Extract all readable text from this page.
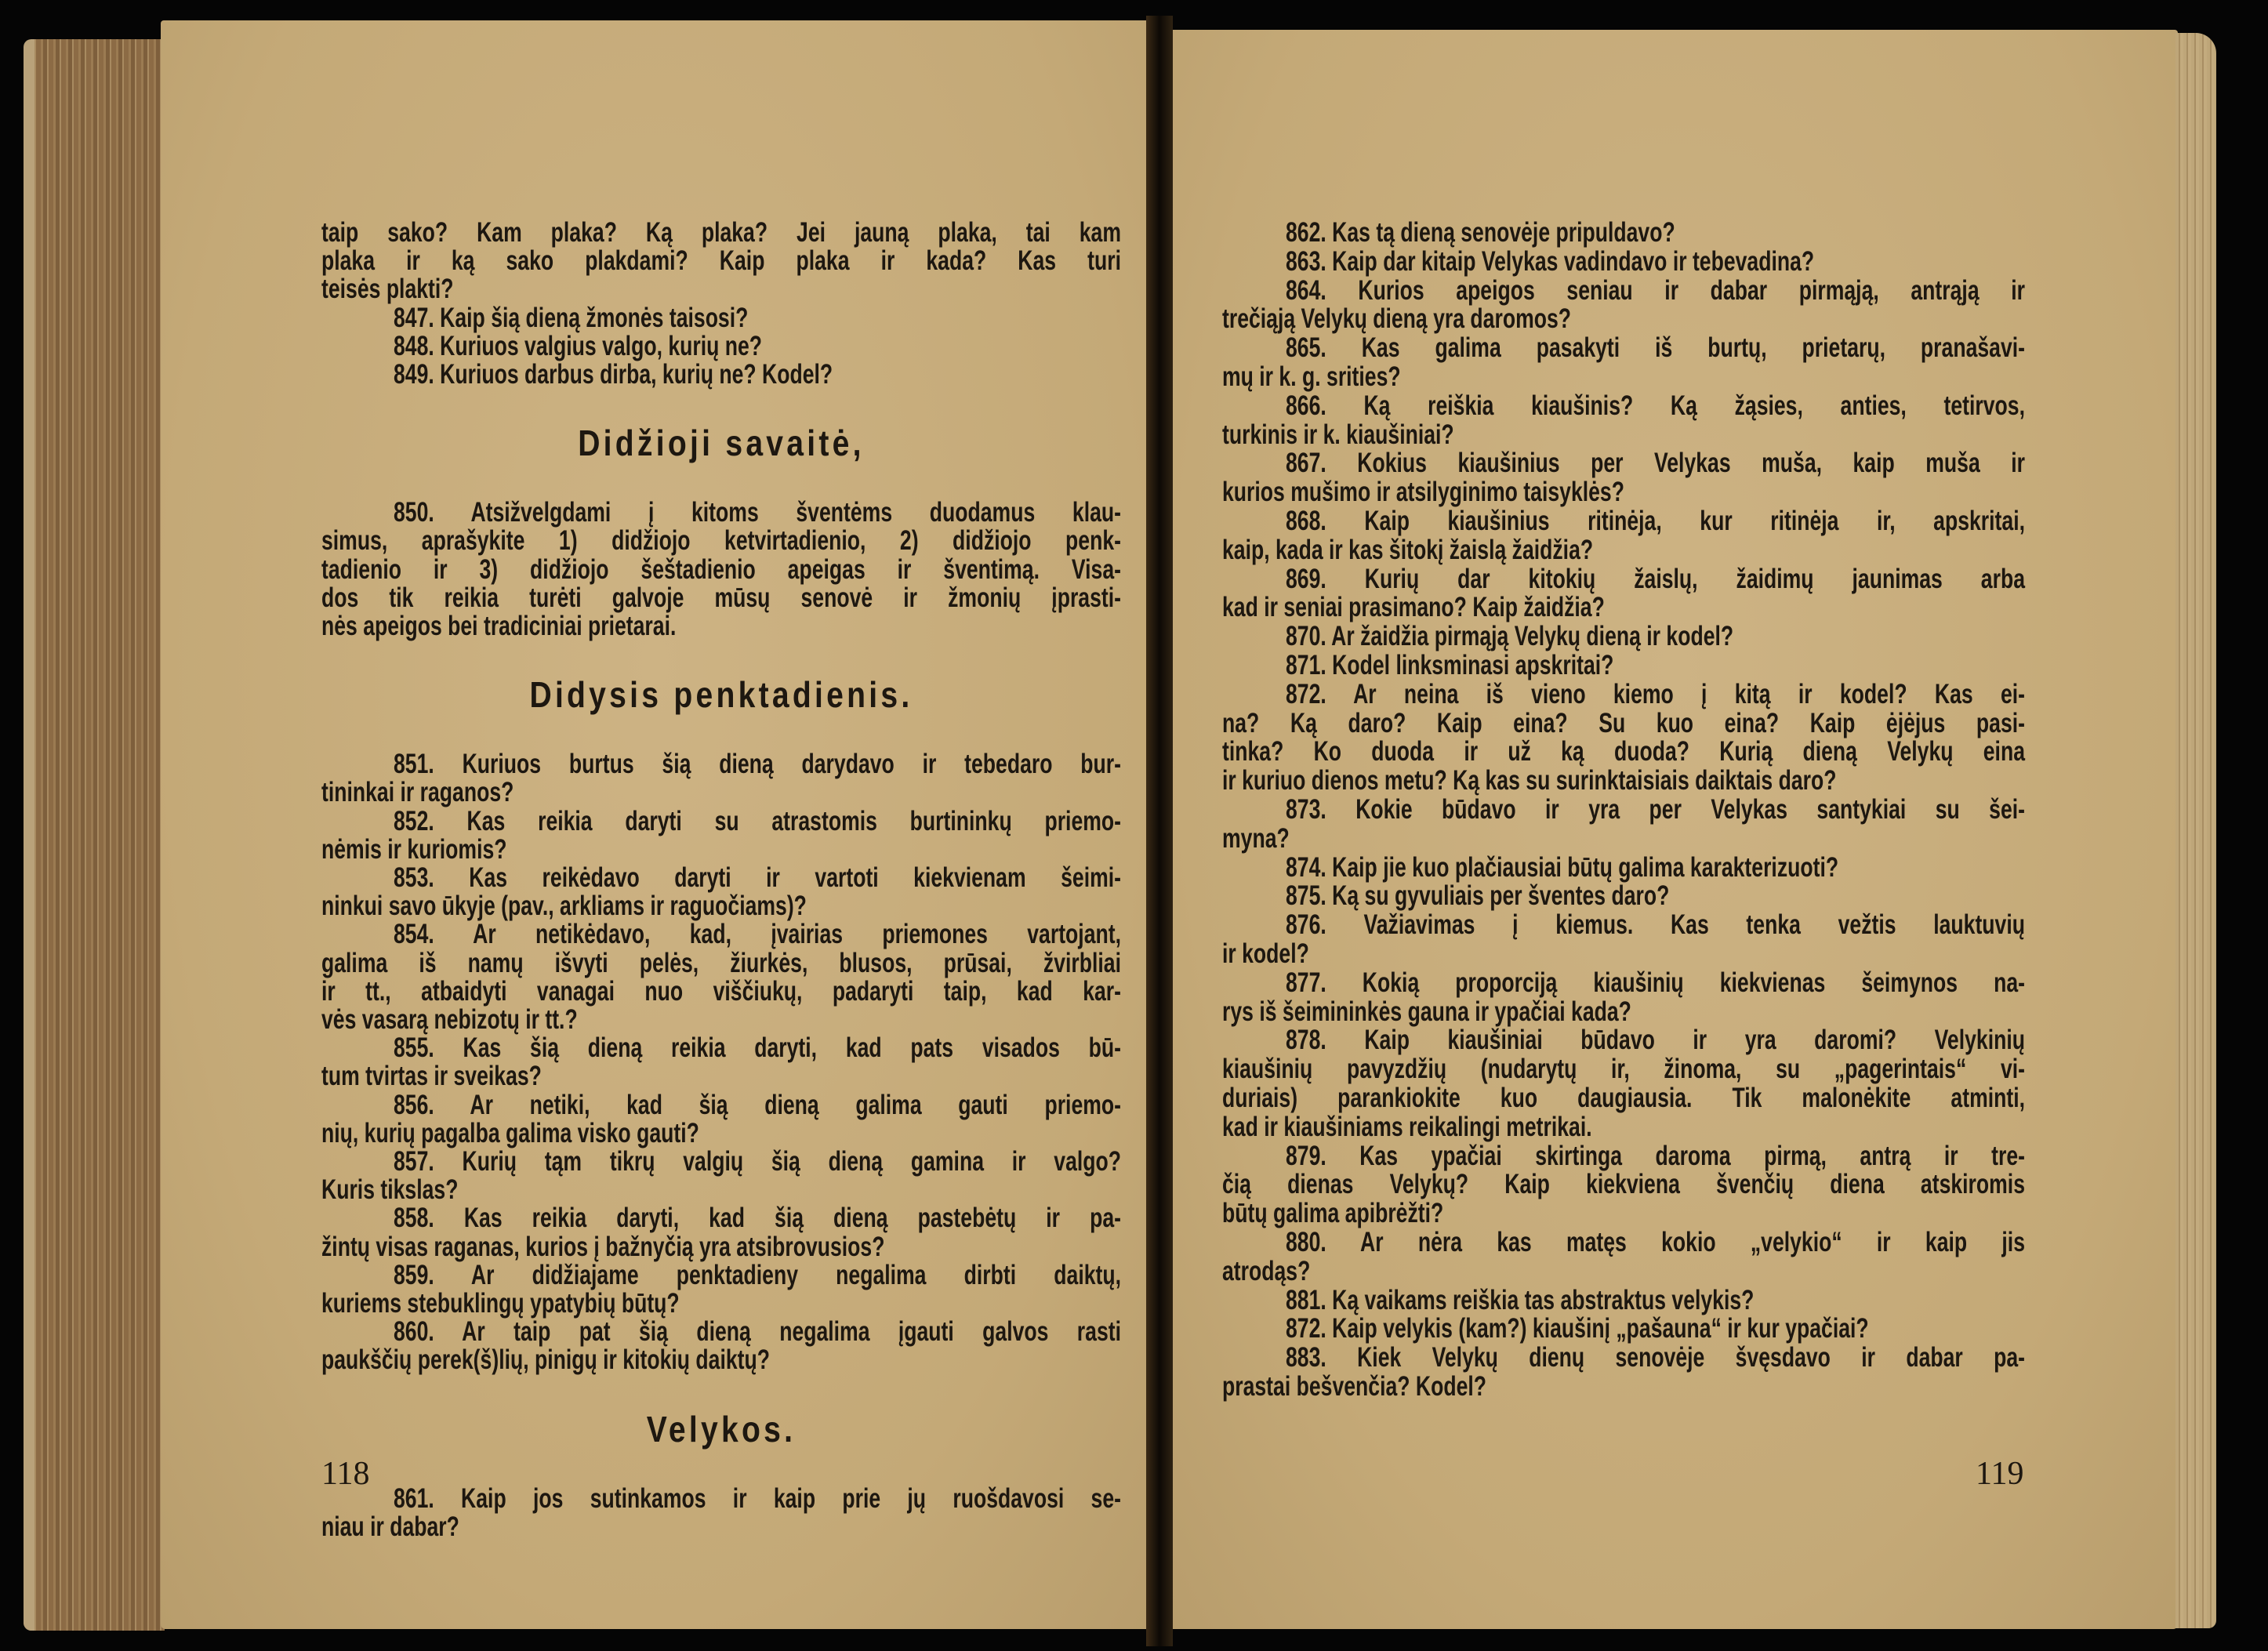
taip sako? Kam plaka? Ką plaka? Jei jauną plaka, tai kam
plaka ir ką sako plakdami? Kaip plaka ir kada? Kas turi
teisės plakti?
847. Kaip šią dieną žmonės taisosi?
848. Kuriuos valgius valgo, kurių ne?
849. Kuriuos darbus dirba, kurių ne? Kodel?
Didžioji savaitė,
850. Atsižvelgdami į kitoms šventėms duodamus klau-
simus, aprašykite 1) didžiojo ketvirtadienio, 2) didžiojo penk-
tadienio ir 3) didžiojo šeštadienio apeigas ir šventimą. Visa-
dos tik reikia turėti galvoje mūsų senovė ir žmonių įprasti-
nės apeigos bei tradiciniai prietarai.
Didysis penktadienis.
851. Kuriuos burtus šią dieną darydavo ir tebedaro bur-
tininkai ir raganos?
852. Kas reikia daryti su atrastomis burtininkų priemo-
nėmis ir kuriomis?
853. Kas reikėdavo daryti ir vartoti kiekvienam šeimi-
ninkui savo ūkyje (pav., arkliams ir raguočiams)?
854. Ar netikėdavo, kad, įvairias priemones vartojant,
galima iš namų išvyti pelės, žiurkės, blusos, prūsai, žvirbliai
ir tt., atbaidyti vanagai nuo viščiukų, padaryti taip, kad kar-
vės vasarą nebizotų ir tt.?
855. Kas šią dieną reikia daryti, kad pats visados bū-
tum tvirtas ir sveikas?
856. Ar netiki, kad šią dieną galima gauti priemo-
nių, kurių pagalba galima visko gauti?
857. Kurių tąm tikrų valgių šią dieną gamina ir valgo?
Kuris tikslas?
858. Kas reikia daryti, kad šią dieną pastebėtų ir pa-
žintų visas raganas, kurios į bažnyčią yra atsibrovusios?
859. Ar didžiajame penktadieny negalima dirbti daiktų,
kuriems stebuklingų ypatybių būtų?
860. Ar taip pat šią dieną negalima įgauti galvos rasti
paukščių perek(š)lių, pinigų ir kitokių daiktų?
Velykos.
861. Kaip jos sutinkamos ir kaip prie jų ruošdavosi se-
niau ir dabar?
862. Kas tą dieną senovėje pripuldavo?
863. Kaip dar kitaip Velykas vadindavo ir tebevadina?
864. Kurios apeigos seniau ir dabar pirmąją, antrąją ir
trečiąją Velykų dieną yra daromos?
865. Kas galima pasakyti iš burtų, prietarų, pranašavi-
mų ir k. g. srities?
866. Ką reiškia kiaušinis? Ką žąsies, anties, tetirvos,
turkinis ir k. kiaušiniai?
867. Kokius kiaušinius per Velykas muša, kaip muša ir
kurios mušimo ir atsilyginimo taisyklės?
868. Kaip kiaušinius ritinėja, kur ritinėja ir, apskritai,
kaip, kada ir kas šitokį žaislą žaidžia?
869. Kurių dar kitokių žaislų, žaidimų jaunimas arba
kad ir seniai prasimano? Kaip žaidžia?
870. Ar žaidžia pirmąją Velykų dieną ir kodel?
871. Kodel linksminasi apskritai?
872. Ar neina iš vieno kiemo į kitą ir kodel? Kas ei-
na? Ką daro? Kaip eina? Su kuo eina? Kaip ėjėjus pasi-
tinka? Ko duoda ir už ką duoda? Kurią dieną Velykų eina
ir kuriuo dienos metu? Ką kas su surinktaisiais daiktais daro?
873. Kokie būdavo ir yra per Velykas santykiai su šei-
myna?
874. Kaip jie kuo plačiausiai būtų galima karakterizuoti?
875. Ką su gyvuliais per šventes daro?
876. Važiavimas į kiemus. Kas tenka vežtis lauktuvių
ir kodel?
877. Kokią proporciją kiaušinių kiekvienas šeimynos na-
rys iš šeimininkės gauna ir ypačiai kada?
878. Kaip kiaušiniai būdavo ir yra daromi? Velykinių
kiaušinių pavyzdžių (nudarytų ir, žinoma, su „pagerintais“ vi-
duriais) parankiokite kuo daugiausia. Tik malonėkite atminti,
kad ir kiaušiniams reikalingi metrikai.
879. Kas ypačiai skirtinga daroma pirmą, antrą ir tre-
čią dienas Velykų? Kaip kiekviena švenčių diena atskiromis
būtų galima apibrėžti?
880. Ar nėra kas matęs kokio „velykio“ ir kaip jis
atrodąs?
881. Ką vaikams reiškia tas abstraktus velykis?
872. Kaip velykis (kam?) kiaušinį „pašauna“ ir kur ypačiai?
883. Kiek Velykų dienų senovėje švęsdavo ir dabar pa-
prastai bešvenčia? Kodel?
118	119
